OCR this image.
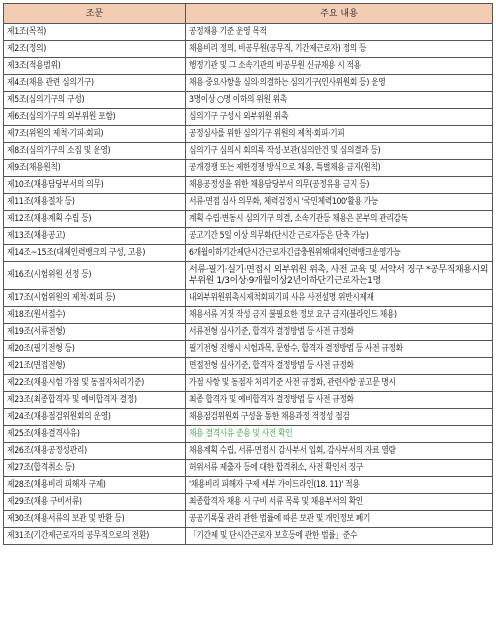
조문	주요 내용
제1조(목적)	공정채용 기준 운영 목적
제2조(정의)	채용비리 정의, 비공무원(공무직, 기간제근로자) 정의 등
제3조(적용범위)	행정기관 및 그 소속기관의 비공무원 신규채용 시 적용
제4조(채용 관련 심의기구)	채용 중요사항을 심의·의결하는 심의기구(인사위원회 등) 운영
제5조(심의기구의 구성)	3명이상 ○명 이하의 위원 위촉
제6조(심의기구의 외부위원 포함)	심의기구 구성시 외부위원 위촉
제7조(위원의 제척·기피·회피)	공정심사를 위한 심의기구 위원의 제척·회피·기피
제8조(심의기구의 소집 및 운영)	심의기구 심의시 회의록 작성·보관(심의안건 및 심의결과 등)
제9조(채용원칙)	공개경쟁 또는 제한경쟁 방식으로 채용, 특별채용 금지(원칙)
제10조(채용담당부서의 의무)	채용공정성을 위한 채용담당부서 의무(공정유용 금지 등)
제11조(채용절차 등)	서류·면접 심사 의무화, 체력검정시 '국민체력100'활용 가능
제12조(채용계획 수립 등)	계획 수립·변동시 심의기구 의결, 소속기관등 채용은 본부의 관리감독
제13조(채용공고)	공고기간 5일 이상 의무화(단시간 근로자등은 단축 가능)
제14조~15조(대체인력뱅크의 구성, 고용)	6개월이하기간제단시간근로자긴급충원위해대체인력뱅크운영가능
제16조(시험위원 선정 등)	서류·필기·실기·면접시 외부위원 위촉, 사전 교육 및 서약서 징구 *공무직채용시외부위원 1/3이상·9개월이상2년이하단기근로자는1명
제17조(시험위원의 제척·회피 등)	내외부위원위촉시제척회피기피 사유 사전설명 위반시제재
제18조(원서접수)	채용서류 거짓 작성 금지 불필요한 정보 요구 금지(블라인드 채용)
제19조(서류전형)	서류전형 심사기준, 합격자 결정방법 등 사전 규정화
제20조(필기전형 등)	필기전형 진행시 시험과목, 문항수, 합격자 결정방법 등 사전 규정화
제21조(면접전형)	면접전형 심사기준, 합격자 결정방법 등 사전 규정화
제22조(채용시험 가점 및 동점자처리기준)	가점 사항 및 동점자 처리기준 사전 규정화, 관련사항 공고문 명시
제23조(최종합격자 및 예비합격자 결정)	최종 합격자 및 예비합격자 결정방법 등 사전 규정화
제24조(채용점검위원회의 운영)	채용점검위원회 구성을 통한 채용과정 적정성 점검
제25조(채용결격사유)	채용 결격사유 준용 및 사전 확인
제26조(채용공정성관리)	채용계획 수립, 서류·면접시 감사부서 입회, 감사부서의 자료 열람
제27조(합격취소 등)	허위서류 제출자 등에 대한 합격취소, 사전 확인서 징구
제28조(채용비리 피해자 구제)	'채용비리 피해자 구제 세부 가이드라인(18. 11)' 적용
제29조(채용 구비서류)	최종합격자 채용 시 구비 서류 목록 및 채용부서의 확인
제30조(채용서류의 보관 및 반환 등)	공공기록물 관리 관한 법률에 따른 보관 및 개인정보 폐기
제31조(기간제근로자의 공무직으로의 전환)	「기간제 및 단시간근로자 보호등에 관한 법률」준수
